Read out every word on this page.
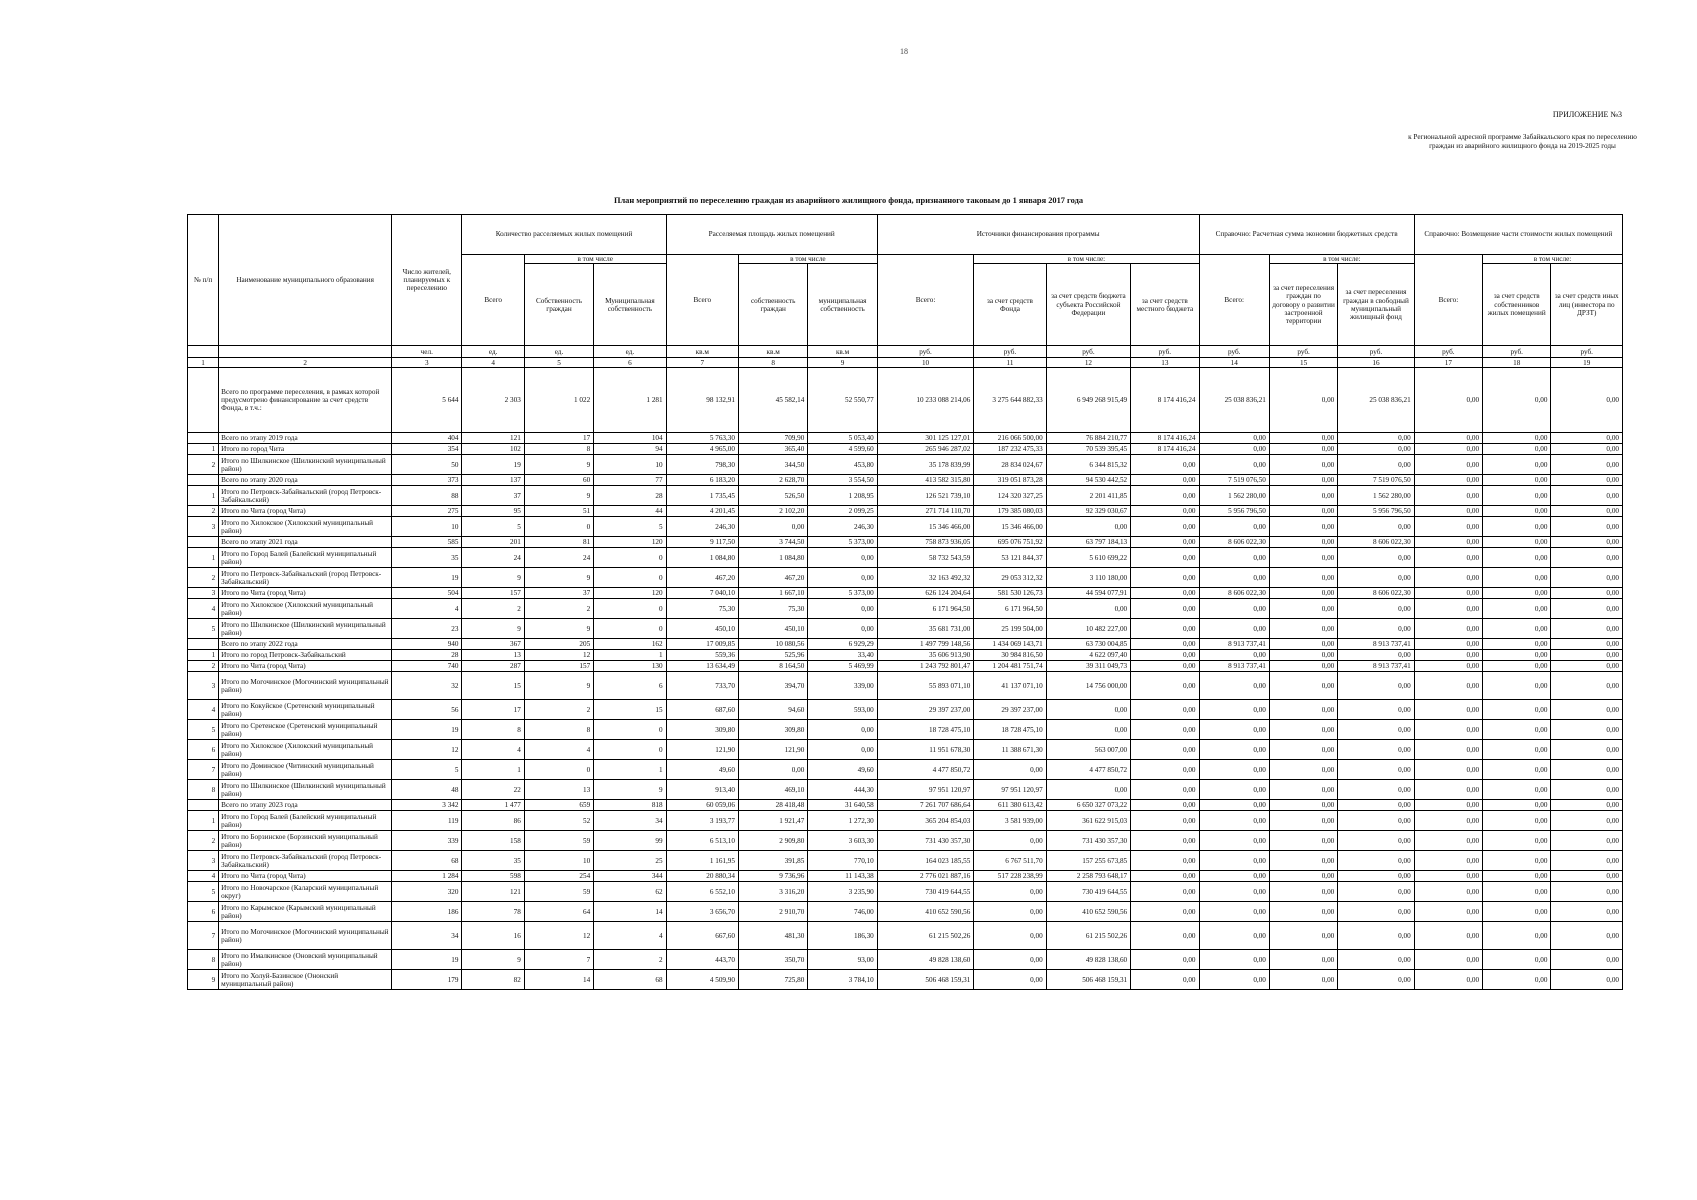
18
ПРИЛОЖЕНИЕ №3
к Региональной адресной программе Забайкальского края по переселению граждан из аварийного жилищного фонда на 2019-2025 годы
План мероприятий по переселению граждан из аварийного жилищного фонда, признанного таковым до 1 января 2017 года
№ п/п	Наименование муниципального образования	Число жителей, планируемых к переселению	Количество расселяемых жилых помещений			Расселяемая площадь жилых помещений			Источники финансирования программы				Справочно: Расчетная сумма экономии бюджетных средств			Справочно: Возмещение части стоимости жилых помещений		
			Всего	в том числе		Всего	в том числе		Всего:	в том числе:			Всего:	в том числе:		Всего:	в том числе:	
				Собственность граждан	Муниципальная собственность		собственность граждан	муниципальная собственность		за счет средств Фонда	за счет средств бюджета субъекта Российской Федерации	за счет средств местного бюджета		за счет переселения граждан по договору о развитии застроенной территории	за счет переселения граждан в свободный муниципальный жилищный фонд		за счет средств собственников жилых помещений	за счет средств иных лиц (инвестора по ДРЗТ)
		чел.	ед.	ед.	ед.	кв.м	кв.м	кв.м	руб.	руб.	руб.	руб.	руб.	руб.	руб.	руб.	руб.	руб.
1	2	3	4	5	6	7	8	9	10	11	12	13	14	15	16	17	18	19
	Всего по программе переселения, в рамках которой предусмотрено финансирование за счет средств Фонда, в т.ч.:	5 644	2 303	1 022	1 281	98 132,91	45 582,14	52 550,77	10 233 088 214,06	3 275 644 882,33	6 949 268 915,49	8 174 416,24	25 038 836,21	0,00	25 038 836,21	0,00	0,00	0,00
	Всего по этапу 2019 года	404	121	17	104	5 763,30	709,90	5 053,40	301 125 127,01	216 066 500,00	76 884 210,77	8 174 416,24	0,00	0,00	0,00	0,00	0,00	0,00
1	Итого по город Чита	354	102	8	94	4 965,00	365,40	4 599,60	265 946 287,02	187 232 475,33	70 539 395,45	8 174 416,24	0,00	0,00	0,00	0,00	0,00	0,00
2	Итого по Шилкинское (Шилкинский муниципальный район)	50	19	9	10	798,30	344,50	453,80	35 178 839,99	28 834 024,67	6 344 815,32	0,00	0,00	0,00	0,00	0,00	0,00	0,00
	Всего по этапу 2020 года	373	137	60	77	6 183,20	2 628,70	3 554,50	413 582 315,80	319 051 873,28	94 530 442,52	0,00	7 519 076,50	0,00	7 519 076,50	0,00	0,00	0,00
1	Итого по Петровск-Забайкальский (город Петровск-Забайкальский)	88	37	9	28	1 735,45	526,50	1 208,95	126 521 739,10	124 320 327,25	2 201 411,85	0,00	1 562 280,00	0,00	1 562 280,00	0,00	0,00	0,00
2	Итого по Чита (город Чита)	275	95	51	44	4 201,45	2 102,20	2 099,25	271 714 110,70	179 385 080,03	92 329 030,67	0,00	5 956 796,50	0,00	5 956 796,50	0,00	0,00	0,00
3	Итого по Хилокское (Хилокский муниципальный район)	10	5	0	5	246,30	0,00	246,30	15 346 466,00	15 346 466,00	0,00	0,00	0,00	0,00	0,00	0,00	0,00	0,00
	Всего по этапу 2021 года	585	201	81	120	9 117,50	3 744,50	5 373,00	758 873 936,05	695 076 751,92	63 797 184,13	0,00	8 606 022,30	0,00	8 606 022,30	0,00	0,00	0,00
1	Итого по Город Балей (Балейский муниципальный район)	35	24	24	0	1 084,80	1 084,80	0,00	58 732 543,59	53 121 844,37	5 610 699,22	0,00	0,00	0,00	0,00	0,00	0,00	0,00
2	Итого по Петровск-Забайкальский (город Петровск-Забайкальский)	19	9	9	0	467,20	467,20	0,00	32 163 492,32	29 053 312,32	3 110 180,00	0,00	0,00	0,00	0,00	0,00	0,00	0,00
3	Итого по Чита (город Чита)	504	157	37	120	7 040,10	1 667,10	5 373,00	626 124 204,64	581 530 126,73	44 594 077,91	0,00	8 606 022,30	0,00	8 606 022,30	0,00	0,00	0,00
4	Итого по Хилокское (Хилокский муниципальный район)	4	2	2	0	75,30	75,30	0,00	6 171 964,50	6 171 964,50	0,00	0,00	0,00	0,00	0,00	0,00	0,00	0,00
5	Итого по Шилкинское (Шилкинский муниципальный район)	23	9	9	0	450,10	450,10	0,00	35 681 731,00	25 199 504,00	10 482 227,00	0,00	0,00	0,00	0,00	0,00	0,00	0,00
	Всего по этапу 2022 года	940	367	205	162	17 009,85	10 080,56	6 929,29	1 497 799 148,56	1 434 069 143,71	63 730 004,85	0,00	8 913 737,41	0,00	8 913 737,41	0,00	0,00	0,00
1	Итого по город Петровск-Забайкальский	28	13	12	1	559,36	525,96	33,40	35 606 913,90	30 984 816,50	4 622 097,40	0,00	0,00	0,00	0,00	0,00	0,00	0,00
2	Итого по Чита (город Чита)	740	287	157	130	13 634,49	8 164,50	5 469,99	1 243 792 801,47	1 204 481 751,74	39 311 049,73	0,00	8 913 737,41	0,00	8 913 737,41	0,00	0,00	0,00
3	Итого по Могочинское (Могочинский муниципальный район)	32	15	9	6	733,70	394,70	339,00	55 893 071,10	41 137 071,10	14 756 000,00	0,00	0,00	0,00	0,00	0,00	0,00	0,00
4	Итого по Кокуйское (Сретенский муниципальный район)	56	17	2	15	687,60	94,60	593,00	29 397 237,00	29 397 237,00	0,00	0,00	0,00	0,00	0,00	0,00	0,00	0,00
5	Итого по Сретенское (Сретенский муниципальный район)	19	8	8	0	309,80	309,80	0,00	18 728 475,10	18 728 475,10	0,00	0,00	0,00	0,00	0,00	0,00	0,00	0,00
6	Итого по Хилокское (Хилокский муниципальный район)	12	4	4	0	121,90	121,90	0,00	11 951 678,30	11 388 671,30	563 007,00	0,00	0,00	0,00	0,00	0,00	0,00	0,00
7	Итого по Доминское (Читинский муниципальный район)	5	1	0	1	49,60	0,00	49,60	4 477 850,72	0,00	4 477 850,72	0,00	0,00	0,00	0,00	0,00	0,00	0,00
8	Итого по Шилкинское (Шилкинский муниципальный район)	48	22	13	9	913,40	469,10	444,30	97 951 120,97	97 951 120,97	0,00	0,00	0,00	0,00	0,00	0,00	0,00	0,00
	Всего по этапу 2023 года	3 342	1 477	659	818	60 059,06	28 418,48	31 640,58	7 261 707 686,64	611 380 613,42	6 650 327 073,22	0,00	0,00	0,00	0,00	0,00	0,00	0,00
1	Итого по Город Балей (Балейский муниципальный район)	119	86	52	34	3 193,77	1 921,47	1 272,30	365 204 854,03	3 581 939,00	361 622 915,03	0,00	0,00	0,00	0,00	0,00	0,00	0,00
2	Итого по Борзинское (Борзинский муниципальный район)	339	158	59	99	6 513,10	2 909,80	3 603,30	731 430 357,30	0,00	731 430 357,30	0,00	0,00	0,00	0,00	0,00	0,00	0,00
3	Итого по Петровск-Забайкальский (город Петровск-Забайкальский)	68	35	10	25	1 161,95	391,85	770,10	164 023 185,55	6 767 511,70	157 255 673,85	0,00	0,00	0,00	0,00	0,00	0,00	0,00
4	Итого по Чита (город Чита)	1 284	598	254	344	20 880,34	9 736,96	11 143,38	2 776 021 887,16	517 228 238,99	2 258 793 648,17	0,00	0,00	0,00	0,00	0,00	0,00	0,00
5	Итого по Новочарское (Каларский муниципальный округ)	320	121	59	62	6 552,10	3 316,20	3 235,90	730 419 644,55	0,00	730 419 644,55	0,00	0,00	0,00	0,00	0,00	0,00	0,00
6	Итого по Карымское (Карымский муниципальный район)	186	78	64	14	3 656,70	2 910,70	746,00	410 652 590,56	0,00	410 652 590,56	0,00	0,00	0,00	0,00	0,00	0,00	0,00
7	Итого по Могочинское (Могочинский муниципальный район)	34	16	12	4	667,60	481,30	186,30	61 215 502,26	0,00	61 215 502,26	0,00	0,00	0,00	0,00	0,00	0,00	0,00
8	Итого по Ималкинское (Оновский муниципальный район)	19	9	7	2	443,70	350,70	93,00	49 828 138,60	0,00	49 828 138,60	0,00	0,00	0,00	0,00	0,00	0,00	0,00
9	Итого по Холуй-Базинское (Ононский муниципальный район)	179	82	14	68	4 509,90	725,80	3 784,10	506 468 159,31	0,00	506 468 159,31	0,00	0,00	0,00	0,00	0,00	0,00	0,00
